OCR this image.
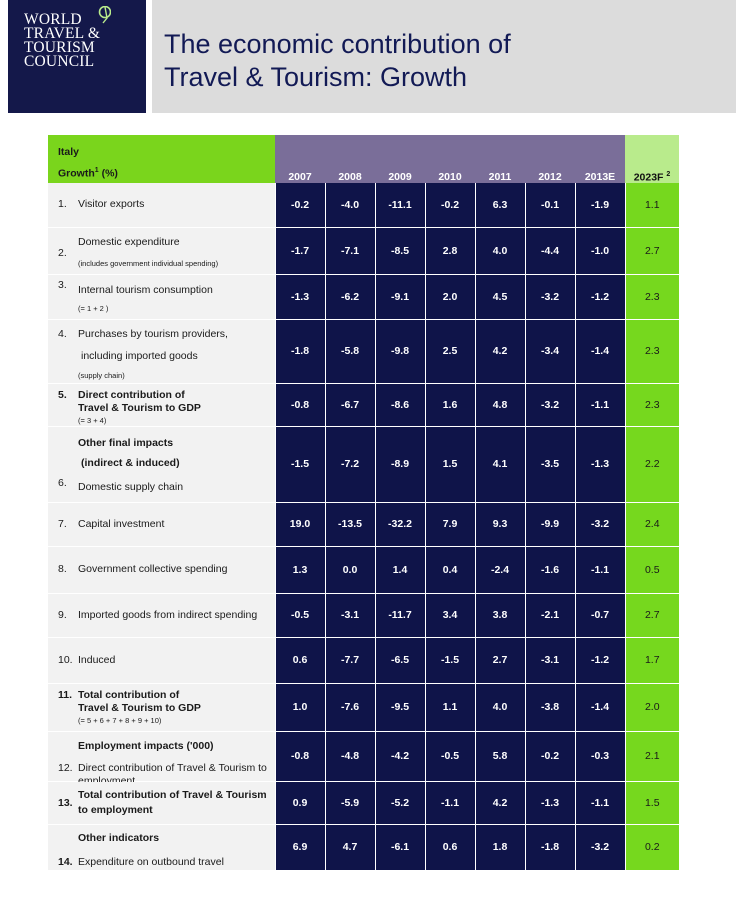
WORLD
TRAVEL &
TOURISM
COUNCIL
The economic contribution of
Travel & Tourism: Growth
Italy
Growth$^1$ (%)	2007	2008	2009	2010	2011	2012	2013E	2023F $^2$

1. Visitor exports	-0.2	-4.0	-11.1	-0.2	6.3	-0.1	-1.9	1.1

2.
Domestic expenditure
(includes government individual spending)	-1.7	-7.1	-8.5	2.8	4.0	-4.4	-1.0	2.7

3. Internal tourism consumption
(= 1 + 2 )	-1.3	-6.2	-9.1	2.0	4.5	-3.2	-1.2	2.3

4. Purchases by tourism providers,
including imported goods
(supply chain)	-1.8	-5.8	-9.8	2.5	4.2	-3.4	-1.4	2.3

5. Direct contribution of
Travel & Tourism to GDP
(= 3 + 4)	-0.8	-6.7	-8.6	1.6	4.8	-3.2	-1.1	2.3

Other final impacts
(indirect & induced)
6. Domestic supply chain	-1.5	-7.2	-8.9	1.5	4.1	-3.5	-1.3	2.2

7. Capital investment	19.0	-13.5	-32.2	7.9	9.3	-9.9	-3.2	2.4

8. Government collective spending	1.3	0.0	1.4	0.4	-2.4	-1.6	-1.1	0.5

9. Imported goods from indirect spending	-0.5	-3.1	-11.7	3.4	3.8	-2.1	-0.7	2.7

10. Induced	0.6	-7.7	-6.5	-1.5	2.7	-3.1	-1.2	1.7

11. Total contribution of
Travel & Tourism to GDP
(= 5 + 6 + 7 + 8 + 9 + 10)	1.0	-7.6	-9.5	1.1	4.0	-3.8	-1.4	2.0

Employment impacts ('000)
12. Direct contribution of Travel & Tourism to	-0.8	-4.8	-4.2	-0.5	5.8	-0.2	-0.3	2.1

13.
Total contribution of Travel & Tourism
to employment	0.9	-5.9	-5.2	-1.1	4.2	-1.3	-1.1	1.5

Other indicators
14. Expenditure on outbound travel	6.9	4.7	-6.1	0.6	1.8	-1.8	-3.2	0.2
